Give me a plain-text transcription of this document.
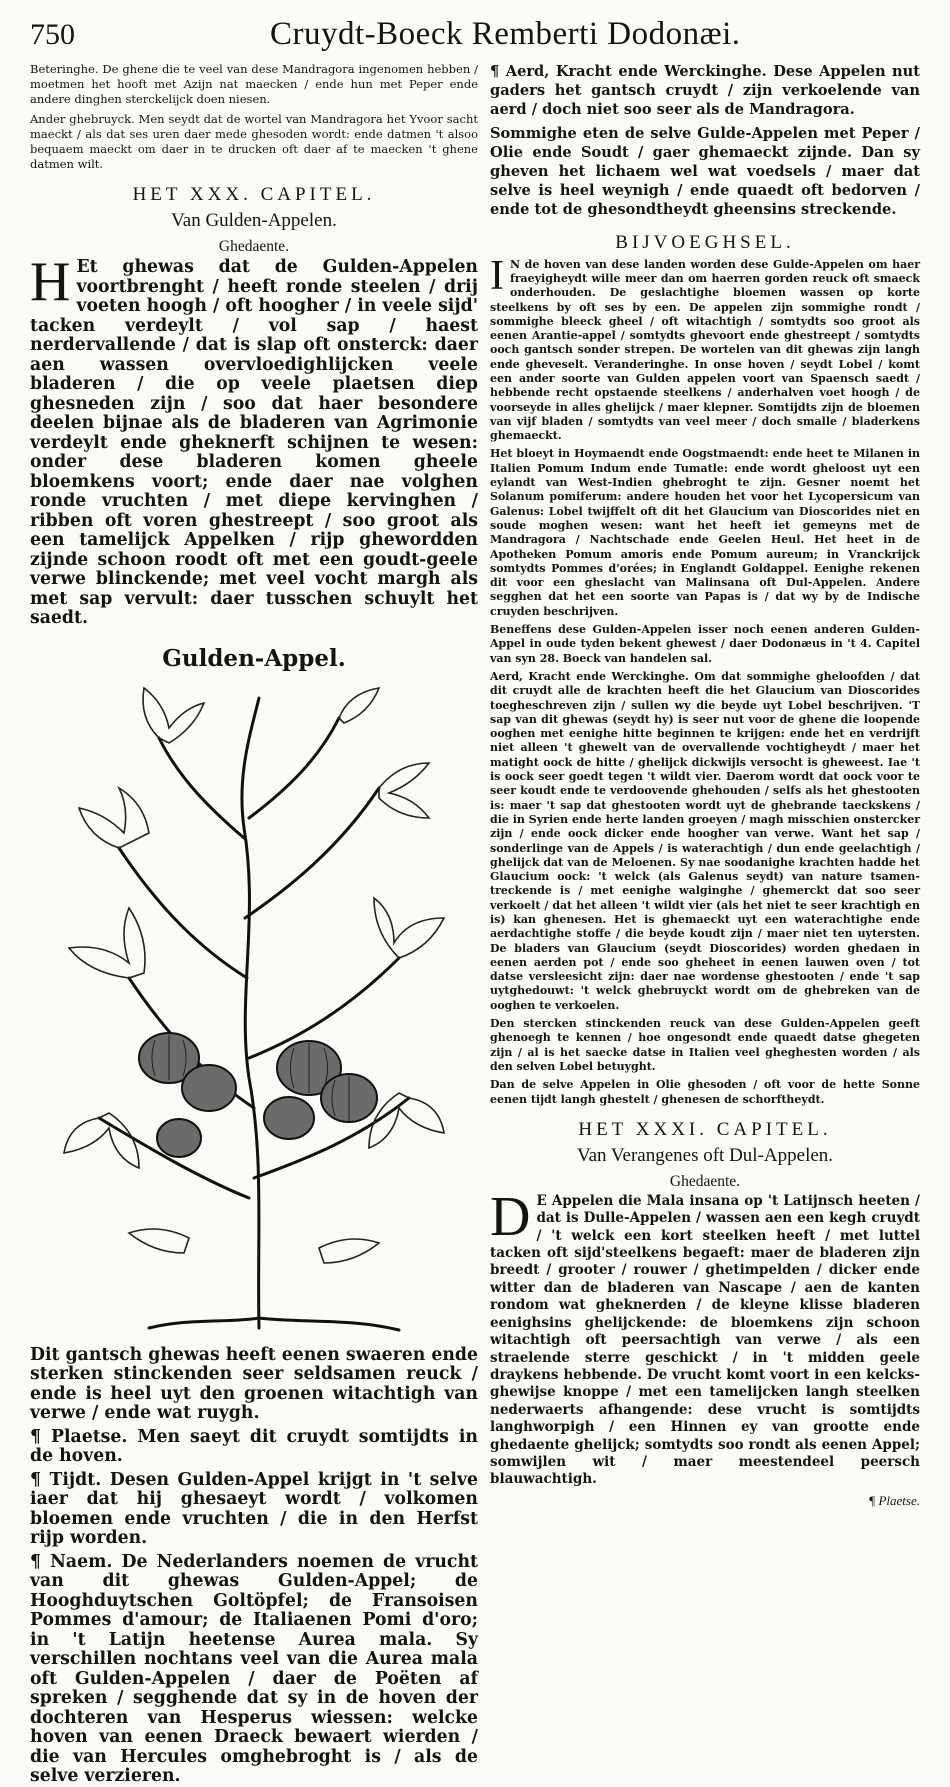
750	Cruydt-Boeck Remberti Dodonæi.

Beteringhe. De ghene die te veel van dese Mandragora ingenomen hebben / moetmen het hooft met Azijn nat maecken / ende hun met Peper ende andere dinghen sterckelijck doen niesen.

Ander ghebruyck. Men seydt dat de wortel van Mandragora het Yvoor sacht maeckt / als dat ses uren daer mede ghesoden wordt: ende datmen 't alsoo bequaem maeckt om daer in te drucken oft daer af te maecken 't ghene datmen wilt.

HET XXX. CAPITEL.
Van Gulden-Appelen.
Ghedaente.

H Et ghewas dat de Gulden-Appelen voortbrenght / heeft ronde steelen / drij voeten hoogh / oft hoogher / in veele sijd' tacken verdeylt / vol sap / haest nerdervallende / dat is slap oft onsterck: daer aen wassen overvloedighlijcken veele bladeren / die op veele plaetsen diep ghesneden zijn / soo dat haer besondere deelen bijnae als de bladeren van Agrimonie verdeylt ende gheknerft schijnen te wesen: onder dese bladeren komen gheele bloemkens voort; ende daer nae volghen ronde vruchten / met diepe kervinghen / ribben oft voren ghestreept / soo groot als een tamelijck Appelken / rijp ghewordden zijnde schoon roodt oft met een goudt-geele verwe blinckende; met veel vocht margh als met sap vervult: daer tusschen schuylt het saedt.

Gulden-Appel.

Dit gantsch ghewas heeft eenen swaeren ende sterken stinckenden seer seldsamen reuck / ende is heel uyt den groenen witachtigh van verwe / ende wat ruygh.

¶ Plaetse. Men saeyt dit cruydt somtijdts in de hoven.

¶ Tijdt. Desen Gulden-Appel krijgt in 't selve iaer dat hij ghesaeyt wordt / volkomen bloemen ende vruchten / die in den Herfst rijp worden.

¶ Naem. De Nederlanders noemen de vrucht van dit ghewas Gulden-Appel; de Hooghduytschen Goltöpfel; de Fransoisen Pommes d'amour; de Italiaenen Pomi d'oro; in 't Latijn heetense Aurea mala. Sy verschillen nochtans veel van die Aurea mala oft Gulden-Appelen / daer de Poëten af spreken / segghende dat sy in de hoven der dochteren van Hesperus wiessen: welcke hoven van eenen Draeck bewaert wierden / die van Hercules omghebroght is / als de selve verzieren.

¶ Aerd, Kracht ende Werckinghe. Dese Appelen nut gaders het gantsch cruydt / zijn verkoelende van aerd / doch niet soo seer als de Mandragora.

Sommighe eten de selve Gulde-Appelen met Peper / Olie ende Soudt / gaer ghemaeckt zijnde. Dan sy gheven het lichaem wel wat voedsels / maer dat selve is heel weynigh / ende quaedt oft bedorven / ende tot de ghesondtheydt gheensins streckende.

BIJVOEGHSEL.

I N de hoven van dese landen worden dese Gulde-Appelen om haer fraeyigheydt wille meer dan om haerren gorden reuck oft smaeck onderhouden. De geslachtighe bloemen wassen op korte steelkens by oft ses by een. De appelen zijn sommighe rondt / sommighe bleeck gheel / oft witachtigh / somtydts soo groot als eenen Arantie-appel / somtydts ghevoort ende ghestreept / somtydts ooch gantsch sonder strepen. De wortelen van dit ghewas zijn langh ende gheveselt. Veranderinghe. In onse hoven / seydt Lobel / komt een ander soorte van Gulden appelen voort van Spaensch saedt / hebbende recht opstaende steelkens / anderhalven voet hoogh / de voorseyde in alles ghelijck / maer klepner. Somtijdts zijn de bloemen van vijf bladen / somtydts van veel meer / doch smalle / bladerkens ghemaeckt.

Het bloeyt in Hoymaendt ende Oogstmaendt: ende heet te Milanen in Italien Pomum Indum ende Tumatle: ende wordt gheloost uyt een eylandt van West-Indien ghebroght te zijn. Gesner noemt het Solanum pomiferum: andere houden het voor het Lycopersicum van Galenus: Lobel twijffelt oft dit het Glaucium van Dioscorides niet en soude moghen wesen: want het heeft iet gemeyns met de Mandragora / Nachtschade ende Geelen Heul. Het heet in de Apotheken Pomum amoris ende Pomum aureum; in Vranckrijck somtydts Pommes d'orées; in Englandt Goldappel. Eenighe rekenen dit voor een gheslacht van Malinsana oft Dul-Appelen. Andere segghen dat het een soorte van Papas is / dat wy by de Indische cruyden beschrijven.

Beneffens dese Gulden-Appelen isser noch eenen anderen Gulden-Appel in oude tyden bekent ghewest / daer Dodonæus in 't 4. Capitel van syn 28. Boeck van handelen sal.

Aerd, Kracht ende Werckinghe. Om dat sommighe gheloofden / dat dit cruydt alle de krachten heeft die het Glaucium van Dioscorides toegheschreven zijn / sullen wy die beyde uyt Lobel beschrijven. 'T sap van dit ghewas (seydt hy) is seer nut voor de ghene die loopende ooghen met eenighe hitte beginnen te krijgen: ende het en verdrijft niet alleen 't ghewelt van de overvallende vochtigheydt / maer het matight oock de hitte / ghelijck dickwijls versocht is gheweest. Iae 't is oock seer goedt tegen 't wildt vier. Daerom wordt dat oock voor te seer koudt ende te verdoovende ghehouden / selfs als het ghestooten is: maer 't sap dat ghestooten wordt uyt de ghebrande taeckskens / die in Syrien ende herte landen groeyen / magh misschien onstercker zijn / ende oock dicker ende hoogher van verwe. Want het sap / sonderlinge van de Appels / is waterachtigh / dun ende geelachtigh / ghelijck dat van de Meloenen. Sy nae soodanighe krachten hadde het Glaucium oock: 't welck (als Galenus seydt) van nature tsamen-treckende is / met eenighe walginghe / ghemerckt dat soo seer verkoelt / dat het alleen 't wildt vier (als het niet te seer krachtigh en is) kan ghenesen. Het is ghemaeckt uyt een waterachtighe ende aerdachtighe stoffe / die beyde koudt zijn / maer niet ten uytersten. De bladers van Glaucium (seydt Dioscorides) worden ghedaen in eenen aerden pot / ende soo gheheet in eenen lauwen oven / tot datse versleesicht zijn: daer nae wordense ghestooten / ende 't sap uytghedouwt: 't welck ghebruyckt wordt om de ghebreken van de ooghen te verkoelen.

Den stercken stinckenden reuck van dese Gulden-Appelen geeft ghenoegh te kennen / hoe ongesondt ende quaedt datse ghegeten zijn / al is het saecke datse in Italien veel gheghesten worden / als den selven Lobel betuyght.

Dan de selve Appelen in Olie ghesoden / oft voor de hette Sonne eenen tijdt langh ghestelt / ghenesen de schorftheydt.

HET XXXI. CAPITEL.
Van Verangenes oft Dul-Appelen.
Ghedaente.

D E Appelen die Mala insana op 't Latijnsch heeten / dat is Dulle-Appelen / wassen aen een kegh cruydt / 't welck een kort steelken heeft / met luttel tacken oft sijd'steelkens begaeft: maer de bladeren zijn breedt / grooter / rouwer / ghetimpelden / dicker ende witter dan de bladeren van Nascape / aen de kanten rondom wat gheknerden / de kleyne klisse bladeren eenighsins ghelijckende: de bloemkens zijn schoon witachtigh oft peersachtigh van verwe / als een straelende sterre geschickt / in 't midden geele draykens hebbende. De vrucht komt voort in een kelcks-ghewijse knoppe / met een tamelijcken langh steelken nederwaerts afhangende: dese vrucht is somtijdts langhworpigh / een Hinnen ey van grootte ende ghedaente ghelijck; somtydts soo rondt als eenen Appel; somwijlen wit / maer meestendeel peersch blauwachtigh.

¶ Plaetse.
